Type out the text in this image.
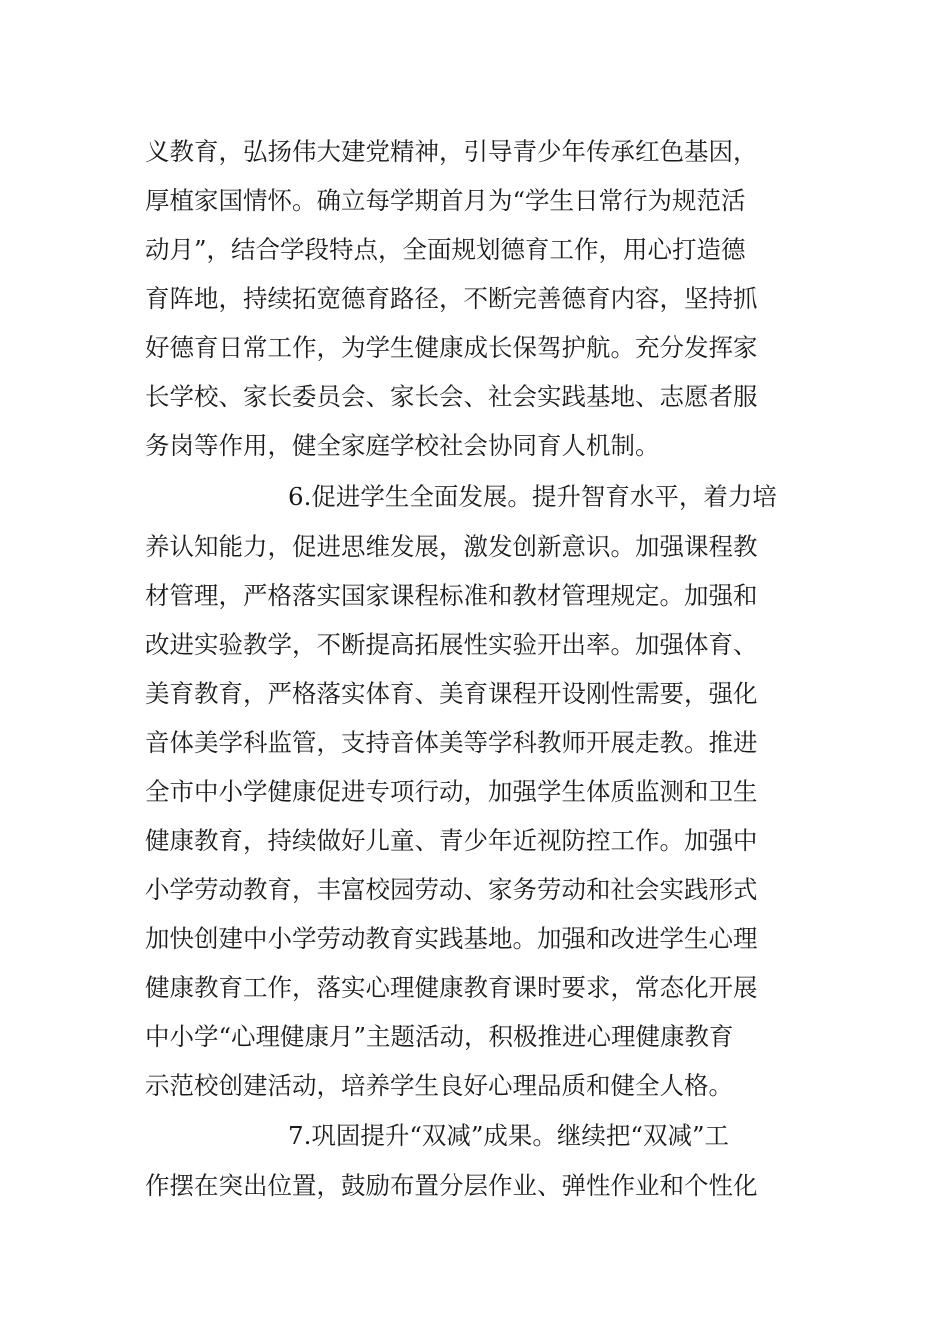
义教育，弘扬伟大建党精神，引导青少年传承红色基因，
厚植家国情怀。确立每学期首月为“学生日常行为规范活
动月”，结合学段特点，全面规划德育工作，用心打造德
育阵地，持续拓宽德育路径，不断完善德育内容，坚持抓
好德育日常工作，为学生健康成长保驾护航。充分发挥家
长学校、家长委员会、家长会、社会实践基地、志愿者服
务岗等作用，健全家庭学校社会协同育人机制。
6.促进学生全面发展。提升智育水平，着力培
养认知能力，促进思维发展，激发创新意识。加强课程教
材管理，严格落实国家课程标准和教材管理规定。加强和
改进实验教学，不断提高拓展性实验开出率。加强体育、
美育教育，严格落实体育、美育课程开设刚性需要，强化
音体美学科监管，支持音体美等学科教师开展走教。推进
全市中小学健康促进专项行动，加强学生体质监测和卫生
健康教育，持续做好儿童、青少年近视防控工作。加强中
小学劳动教育，丰富校园劳动、家务劳动和社会实践形式
加快创建中小学劳动教育实践基地。加强和改进学生心理
健康教育工作，落实心理健康教育课时要求，常态化开展
中小学“心理健康月”主题活动，积极推进心理健康教育
示范校创建活动，培养学生良好心理品质和健全人格。
7.巩固提升“双减”成果。继续把“双减”工
作摆在突出位置，鼓励布置分层作业、弹性作业和个性化
